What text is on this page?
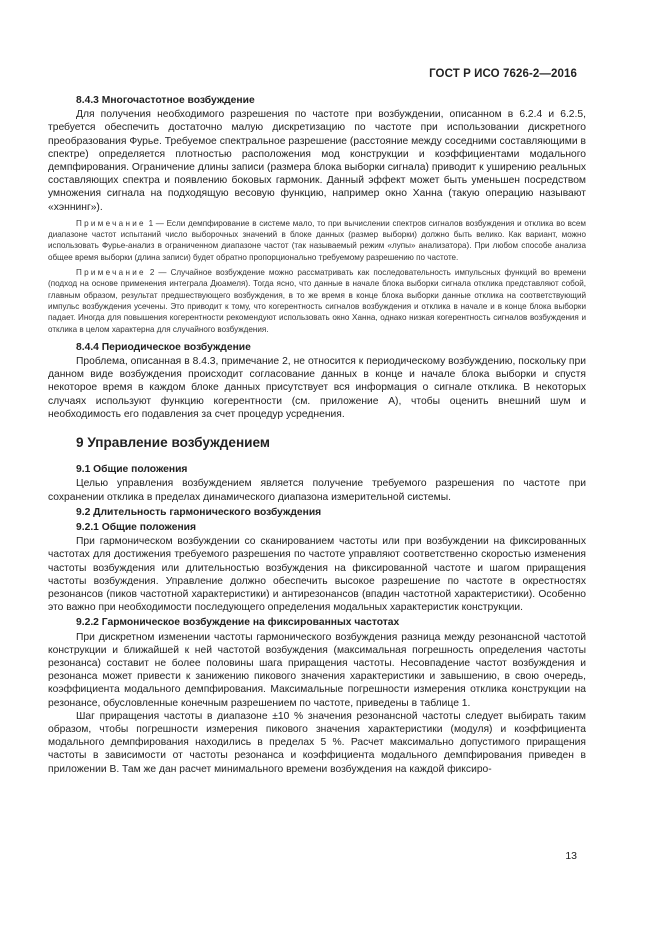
ГОСТ Р ИСО 7626-2—2016

8.4.3 Многочастотное возбуждение

Для получения необходимого разрешения по частоте при возбуждении, описанном в 6.2.4 и 6.2.5, требуется обеспечить достаточно малую дискретизацию по частоте при использовании дискретного преобразования Фурье. Требуемое спектральное разрешение (расстояние между соседними составляющими в спектре) определяется плотностью расположения мод конструкции и коэффициентами модального демпфирования. Ограничение длины записи (размера блока выборки сигнала) приводит к уширению реальных составляющих спектра и появлению боковых гармоник. Данный эффект может быть уменьшен посредством умножения сигнала на подходящую весовую функцию, например окно Ханна (такую операцию называют «хэннинг»).

Примечание 1 — Если демпфирование в системе мало, то при вычислении спектров сигналов возбуждения и отклика во всем диапазоне частот испытаний число выборочных значений в блоке данных (размер выборки) должно быть велико. Как вариант, можно использовать Фурье-анализ в ограниченном диапазоне частот (так называемый режим «лупы» анализатора). При любом способе анализа общее время выборки (длина записи) будет обратно пропорционально требуемому разрешению по частоте.

Примечание 2 — Случайное возбуждение можно рассматривать как последовательность импульсных функций во времени (подход на основе применения интеграла Дюамеля). Тогда ясно, что данные в начале блока выборки сигнала отклика представляют собой, главным образом, результат предшествующего возбуждения, в то же время в конце блока выборки данные отклика на соответствующий импульс возбуждения усечены. Это приводит к тому, что когерентность сигналов возбуждения и отклика в начале и в конце блока выборки падает. Иногда для повышения когерентности рекомендуют использовать окно Ханна, однако низкая когерентность сигналов возбуждения и отклика в целом характерна для случайного возбуждения.

8.4.4 Периодическое возбуждение

Проблема, описанная в 8.4.3, примечание 2, не относится к периодическому возбуждению, поскольку при данном виде возбуждения происходит согласование данных в конце и начале блока выборки и спустя некоторое время в каждом блоке данных присутствует вся информация о сигнале отклика. В некоторых случаях используют функцию когерентности (см. приложение А), чтобы оценить внешний шум и необходимость его подавления за счет процедур усреднения.

9 Управление возбуждением

9.1 Общие положения

Целью управления возбуждением является получение требуемого разрешения по частоте при сохранении отклика в пределах динамического диапазона измерительной системы.

9.2 Длительность гармонического возбуждения

9.2.1 Общие положения

При гармоническом возбуждении со сканированием частоты или при возбуждении на фиксированных частотах для достижения требуемого разрешения по частоте управляют соответственно скоростью изменения частоты возбуждения или длительностью возбуждения на фиксированной частоте и шагом приращения частоты возбуждения. Управление должно обеспечить высокое разрешение по частоте в окрестностях резонансов (пиков частотной характеристики) и антирезонансов (впадин частотной характеристики). Особенно это важно при необходимости последующего определения модальных характеристик конструкции.

9.2.2 Гармоническое возбуждение на фиксированных частотах

При дискретном изменении частоты гармонического возбуждения разница между резонансной частотой конструкции и ближайшей к ней частотой возбуждения (максимальная погрешность определения частоты резонанса) составит не более половины шага приращения частоты. Несовпадение частот возбуждения и резонанса может привести к занижению пикового значения характеристики и завышению, в свою очередь, коэффициента модального демпфирования. Максимальные погрешности измерения отклика конструкции на резонансе, обусловленные конечным разрешением по частоте, приведены в таблице 1.

Шаг приращения частоты в диапазоне ±10 % значения резонансной частоты следует выбирать таким образом, чтобы погрешности измерения пикового значения характеристики (модуля) и коэффициента модального демпфирования находились в пределах 5 %. Расчет максимально допустимого приращения частоты в зависимости от частоты резонанса и коэффициента модального демпфирования приведен в приложении В. Там же дан расчет минимального времени возбуждения на каждой фиксиро-

13
